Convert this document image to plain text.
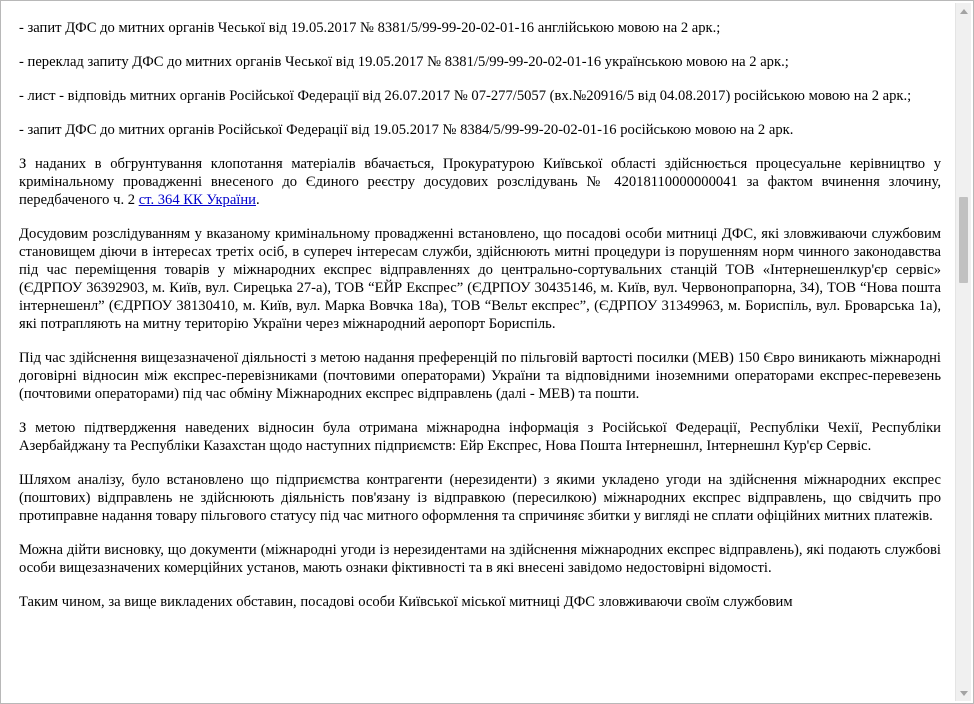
- запит ДФС до митних органів Чеської від 19.05.2017 № 8381/5/99-99-20-02-01-16 англійською мовою на 2 арк.;

- переклад запиту ДФС до митних органів Чеської від 19.05.2017 № 8381/5/99-99-20-02-01-16 українською мовою на 2 арк.;

- лист - відповідь митних органів Російської Федерації від 26.07.2017 № 07-277/5057 (вх.№20916/5 від 04.08.2017) російською мовою на 2 арк.;

- запит ДФС до митних органів Російської Федерації від 19.05.2017 № 8384/5/99-99-20-02-01-16 російською мовою на 2 арк.

З наданих в обгрунтування клопотання матеріалів вбачається, Прокуратурою Київської області здійснюється процесуальне керівництво у кримінальному провадженні внесеного до Єдиного реєстру досудових розслідувань № 42018110000000041 за фактом вчинення злочину, передбаченого ч. 2 ст. 364 КК України.

Досудовим розслідуванням у вказаному кримінальному провадженні встановлено, що посадові особи митниці ДФС, які зловживаючи службовим становищем діючи в інтересах третіх осіб, в супереч інтересам служби, здійснюють митні процедури із порушенням норм чинного законодавства під час переміщення товарів у міжнародних експрес відправленнях до центрально-сортувальних станцій ТОВ «Інтернешенлкур'єр сервіс» (ЄДРПОУ 36392903, м. Київ, вул. Сирецька 27-а), ТОВ “ЕЙР Експрес” (ЄДРПОУ 30435146, м. Київ, вул. Червонопрапорна, 34), ТОВ “Нова пошта інтернешенл” (ЄДРПОУ 38130410, м. Київ, вул. Марка Вовчка 18а), ТОВ “Вельт експрес”, (ЄДРПОУ 31349963, м. Бориспіль, вул. Броварська 1а), які потрапляють на митну територію України через міжнародний аеропорт Бориспіль.

Під час здійснення вищезазначеної діяльності з метою надання преференцій по пільговій вартості посилки (МЕВ) 150 Євро виникають міжнародні договірні відносин між експрес-перевізниками (почтовими операторами) України та відповідними іноземними операторами експрес-перевезень (почтовими операторами) під час обміну Міжнародних експрес відправлень (далі - МЕВ) та пошти.

З метою підтвердження наведених відносин була отримана міжнародна інформація з Російської Федерації, Республіки Чехії, Республіки Азербайджану та Республіки Казахстан щодо наступних підприємств: Ейр Експрес, Нова Пошта Інтернешнл, Інтернешнл Кур'єр Сервіс.

Шляхом аналізу, було встановлено що підприємства контрагенти (нерезиденти) з якими укладено угоди на здійснення міжнародних експрес (поштових) відправлень не здійснюють діяльність пов'язану із відправкою (пересилкою) міжнародних експрес відправлень, що свідчить про протиправне надання товару пільгового статусу під час митного оформлення та спричиняє збитки у вигляді не сплати офіційних митних платежів.

Можна дійти висновку, що документи (міжнародні угоди із нерезидентами на здійснення міжнародних експрес відправлень), які подають службові особи вищезазначених комерційних установ, мають ознаки фіктивності та в які внесені завідомо недостовірні відомості.

Таким чином, за вище викладених обставин, посадові особи Київської міської митниці ДФС зловживаючи своїм службовим
